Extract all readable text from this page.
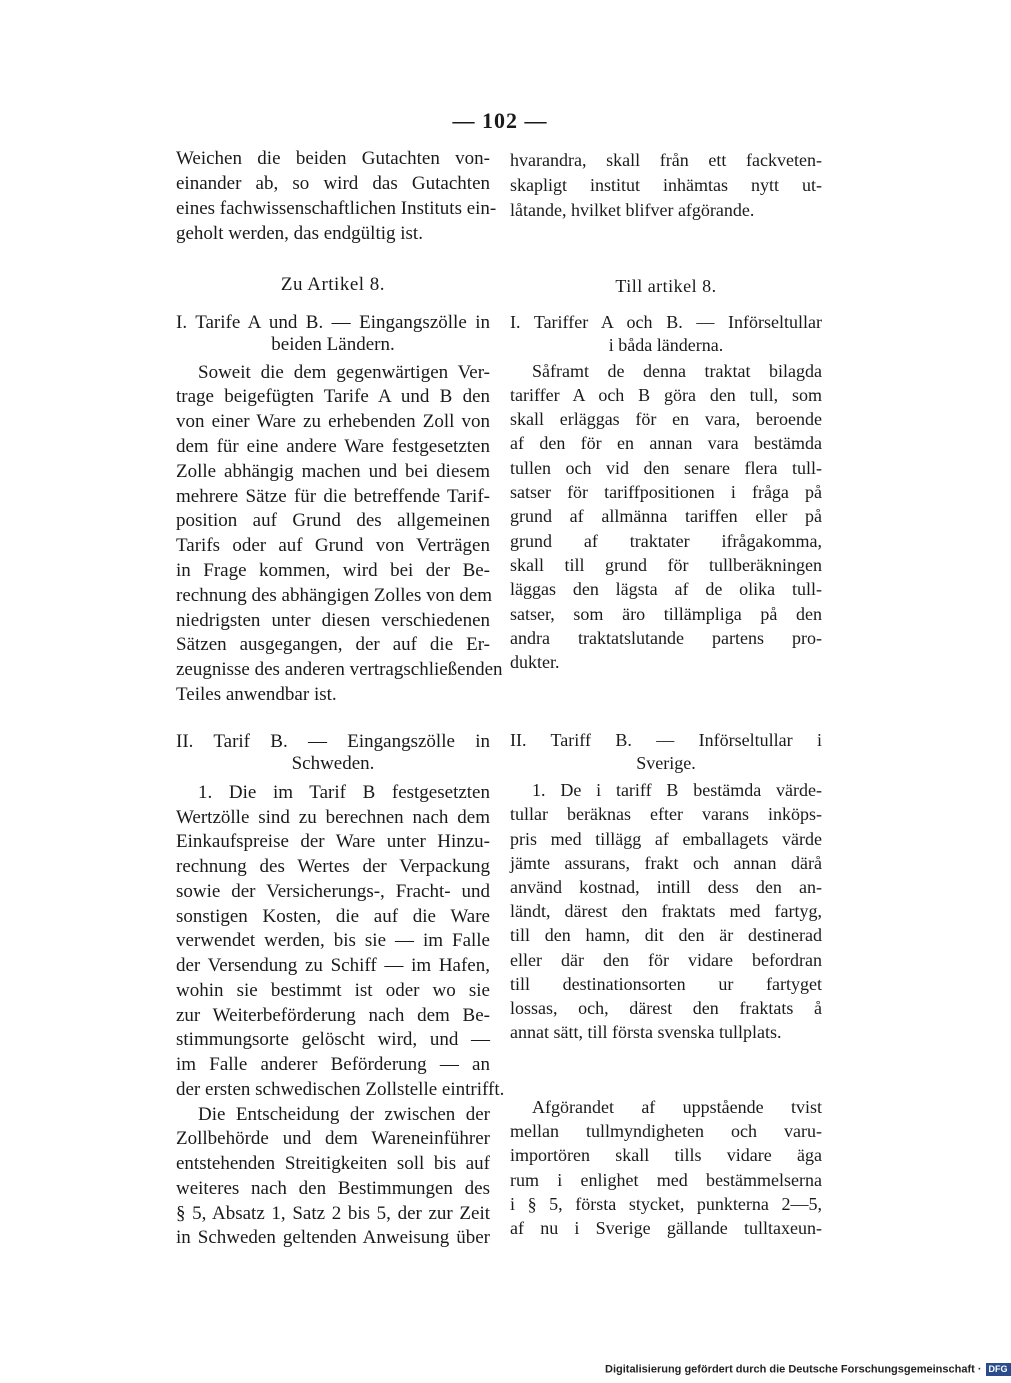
— 102 —
Weichen die beiden Gutachten von-
einander ab, so wird das Gutachten
eines fachwissenschaftlichen Instituts ein-
geholt werden, das endgültig ist.
Zu Artikel 8.
I. Tarife A und B. — Eingangszölle in
beiden Ländern.
Soweit die dem gegenwärtigen Ver-
trage beigefügten Tarife A und B den
von einer Ware zu erhebenden Zoll von
dem für eine andere Ware festgesetzten
Zolle abhängig machen und bei diesem
mehrere Sätze für die betreffende Tarif-
position auf Grund des allgemeinen
Tarifs oder auf Grund von Verträgen
in Frage kommen, wird bei der Be-
rechnung des abhängigen Zolles von dem
niedrigsten unter diesen verschiedenen
Sätzen ausgegangen, der auf die Er-
zeugnisse des anderen vertragschließenden
Teiles anwendbar ist.
II. Tarif B. — Eingangszölle in
Schweden.
1. Die im Tarif B festgesetzten
Wertzölle sind zu berechnen nach dem
Einkaufspreise der Ware unter Hinzu-
rechnung des Wertes der Verpackung
sowie der Versicherungs-, Fracht- und
sonstigen Kosten, die auf die Ware
verwendet werden, bis sie — im Falle
der Versendung zu Schiff — im Hafen,
wohin sie bestimmt ist oder wo sie
zur Weiterbeförderung nach dem Be-
stimmungsorte gelöscht wird, und —
im Falle anderer Beförderung — an
der ersten schwedischen Zollstelle eintrifft.
Die Entscheidung der zwischen der
Zollbehörde und dem Wareneinführer
entstehenden Streitigkeiten soll bis auf
weiteres nach den Bestimmungen des
§ 5, Absatz 1, Satz 2 bis 5, der zur Zeit
in Schweden geltenden Anweisung über
hvarandra, skall från ett fackveten-
skapligt institut inhämtas nytt ut-
låtande, hvilket blifver afgörande.
Till artikel 8.
I. Tariffer A och B. — Införseltullar
i båda länderna.
Såframt de denna traktat bilagda
tariffer A och B göra den tull, som
skall erläggas för en vara, beroende
af den för en annan vara bestämda
tullen och vid den senare flera tull-
satser för tariffpositionen i fråga på
grund af allmänna tariffen eller på
grund af traktater ifrågakomma,
skall till grund för tullberäkningen
läggas den lägsta af de olika tull-
satser, som äro tillämpliga på den
andra traktatslutande partens pro-
dukter.
II. Tariff B. — Införseltullar i
Sverige.
1. De i tariff B bestämda värde-
tullar beräknas efter varans inköps-
pris med tillägg af emballagets värde
jämte assurans, frakt och annan därå
använd kostnad, intill dess den an-
ländt, därest den fraktats med fartyg,
till den hamn, dit den är destinerad
eller där den för vidare befordran
till destinationsorten ur fartyget
lossas, och, därest den fraktats å
annat sätt, till första svenska tullplats.
Afgörandet af uppstående tvist
mellan tullmyndigheten och varu-
importören skall tills vidare äga
rum i enlighet med bestämmelserna
i § 5, första stycket, punkterna 2—5,
af nu i Sverige gällande tulltaxeun-
Digitalisierung gefördert durch die Deutsche Forschungsgemeinschaft · DFG
